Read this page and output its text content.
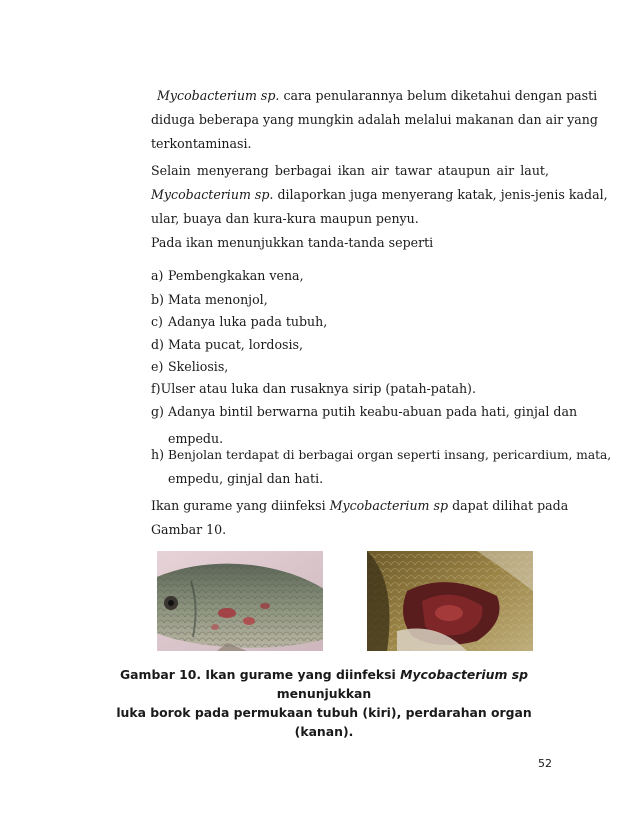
Mycobacterium sp. cara penularannya belum diketahui dengan pasti
diduga beberapa yang mungkin adalah melalui makanan dan air yang
terkontaminasi.
Selain menyerang berbagai ikan air tawar ataupun air laut,
Mycobacterium sp. dilaporkan juga menyerang katak, jenis-jenis kadal,
ular, buaya dan kura-kura maupun penyu.
Pada ikan menunjukkan tanda-tanda seperti
a) Pembengkakan vena,
b) Mata menonjol,
c) Adanya luka pada tubuh,
d) Mata pucat, lordosis,
e) Skeliosis,
f)Ulser atau luka dan rusaknya sirip (patah-patah).
g) Adanya bintil berwarna putih keabu-abuan pada hati, ginjal dan
empedu.
h) Benjolan terdapat di berbagai organ seperti insang, pericardium, mata,
empedu, ginjal dan hati.
Ikan gurame yang diinfeksi Mycobacterium sp dapat dilihat pada
Gambar 10.
Gambar 10. Ikan gurame yang diinfeksi Mycobacterium sp menunjukkan
luka borok pada permukaan tubuh (kiri), perdarahan organ (kanan).
52
